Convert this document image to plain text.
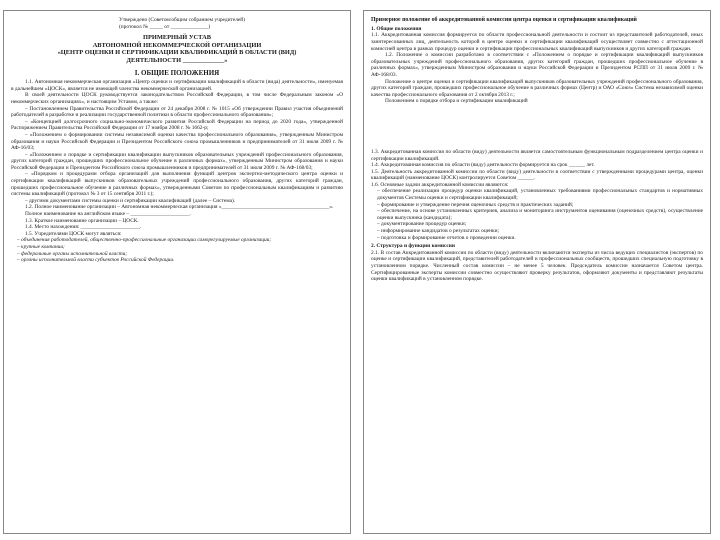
Утверждено (Советом/общим собранием учредителей)
(протокол № _____ от ______________)
ПРИМЕРНЫЙ УСТАВ
АВТОНОМНОЙ НЕКОММЕРЧЕСКОЙ ОРГАНИЗАЦИИ
«ЦЕНТР ОЦЕНКИ И СЕРТИФИКАЦИИ КВАЛИФИКАЦИЙ В ОБЛАСТИ (ВИД)
ДЕЯТЕЛЬНОСТИ _____________»
I. ОБЩИЕ ПОЛОЖЕНИЯ

1.1. Автономная некоммерческая организация «Центр оценки и сертификации квалификаций в области (вида) деятельности», именуемая в дальнейшем «ЦОСК», является не имеющей членства некоммерческой организацией.

В своей деятельности ЦОСК руководствуется законодательством Российской Федерации, в том числе Федеральным законом «О некоммерческих организациях», и настоящим Уставом, а также:

– Постановлением Правительства Российской Федерации от 24 декабря 2008 г. № 1015 «Об утверждении Правил участия объединений работодателей в разработке и реализации государственной политики в области профессионального образования»;

– «Концепцией долгосрочного социально-экономического развития Российской Федерации на период до 2020 года», утвержденной Распоряжением Правительства Российской Федерации от 17 ноября 2008 г. № 1662-р;

– «Положением о формировании системы независимой оценки качества профессионального образования», утвержденным Министром образования и науки Российской Федерации и Президентом Российского союза промышленников и предпринимателей от 31 июля 2009 г. № АФ-16/03;

– «Положением о порядке и сертификации квалификации выпускников образовательных учреждений профессионального образования, других категорий граждан, прошедших профессиональное обучение в различных формах», утвержденным Министром образования и науки Российской Федерации и Президентом Российского союза промышленников и предпринимателей от 31 июля 2009 г. № АФ-168/03;

– «Порядком и процедурами отбора организаций для выполнения функций центров экспертно-методического центра оценки и сертификации квалификаций выпускников образовательных учреждений профессионального образования, других категорий граждан, прошедших профессиональное обучение в различных формах», утвержденными Советом по профессиональным квалификациям и развитию системы квалификаций (протокол № 3 от 15 сентября 2011 г.);

– другими документами системы оценки и сертификации квалификаций (далее – Система).

1.2. Полное наименование организации – Автономная некоммерческая организация «________________________________________».

Полное наименование на английском языке – ______________________.

1.3. Краткое наименование организации – ЦОСК.

1.4. Место нахождения: ______________________.

1.5. Учредителями ЦОСК могут являться:

– объединения работодателей, общественно-профессиональные организации саморегулируемые организации;
– крупные компании;
– федеральные органы исполнительной власти;
– органы исполнительной власти субъектов Российской Федерации.
Примерное положение об аккредитованной комиссии центра оценки и сертификации квалификаций
1. Общие положения

1.1. Аккредитованная комиссия формируется по области профессиональной деятельности и состоит из представителей работодателей, иных заинтересованных лиц, деятельность которой в центре оценки и сертификации квалификаций осуществляет совместно с аттестационной комиссией центра в рамках процедур оценки и сертификации профессиональных квалификаций выпускников и других категорий граждан.

1.2. Положение о комиссии разработано в соответствии с «Положением о порядке и сертификации квалификаций выпускников образовательных учреждений профессионального образования, других категорий граждан, прошедших профессиональное обучение в различных формах», утвержденным Министром образования и науки Российской Федерации и Президентом РСПП от 31 июля 2009 г. № АФ-168/03.

Положение о центре оценки и сертификации квалификаций выпускников образовательных учреждений профессионального образования, других категорий граждан, прошедших профессиональное обучение в различных формах (Центр) и ОАО «Союз» Система независимой оценки качества профессионального образования от 2 октября 2013 г.;

Положением о порядке отбора и сертификации квалификаций

1.3. Аккредитованная комиссия по области (виду) деятельности является самостоятельным функциональным подразделением центра оценки и сертификации квалификаций.

1.4. Аккредитованная комиссия по области (виду) деятельности формируется на срок ______ лет.

1.5. Деятельность аккредитованной комиссии по области (виду) деятельности в соответствии с утвержденными процедурами центра, оценки квалификаций (наименование ЦОСК) контролируется Советом ______.

1.6. Основные задачи аккредитованной комиссии являются:

– обеспечение реализации процедур оценки квалификаций, установленных требованиями профессиональных стандартов и нормативных документов Системы оценки и сертификации квалификаций;
– формирование и утверждение перечня оценочных средств и практических заданий;
– обеспечение, на основе установленных критериев, анализа и мониторинга инструментов оценивания (оценочных средств), осуществление оценки выпускника (кандидата);
– документирование процедур оценки;
– информирование кандидатов о результатах оценки;
– подготовка и формирование отчетов о проведении оценки.
2. Структура и функции комиссии

2.1. В состав Аккредитованной комиссии по области (виду) деятельности включаются эксперты из числа ведущих специалистов (экспертов) по оценке и сертификации квалификаций, представителей работодателей и профессиональных сообществ, прошедших специальную подготовку в установленном порядке. Численный состав комиссии – не менее 5 человек. Председатель комиссии назначается Советом центра. Сертифицированные эксперты комиссии совместно осуществляют проверку результатов, оформляют документы и представляют результаты оценки квалификаций в установленном порядке.
